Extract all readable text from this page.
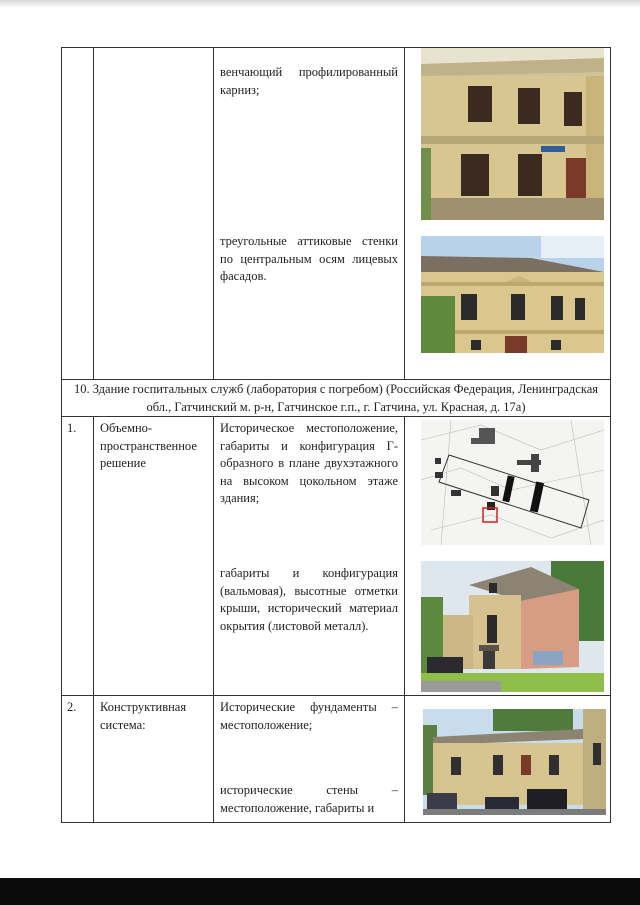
венчающий профилированный карниз;
треугольные аттиковые стенки по центральным осям лицевых фасадов.
10. Здание госпитальных служб (лаборатория с погребом) (Российская Федерация, Ленинградская обл., Гатчинский м. р-н, Гатчинское г.п., г. Гатчина, ул. Красная, д. 17а)
1.	Объемно-пространственное решение
Историческое местоположение, габариты и конфигурация Г-образного в плане двухэтажного на высоком цокольном этаже здания;
габариты и конфигурация (вальмовая), высотные отметки крыши, исторический материал окрытия (листовой металл).
2.	Конструктивная система:
Исторические фундаменты – местоположение;
исторические стены – местоположение, габариты и
